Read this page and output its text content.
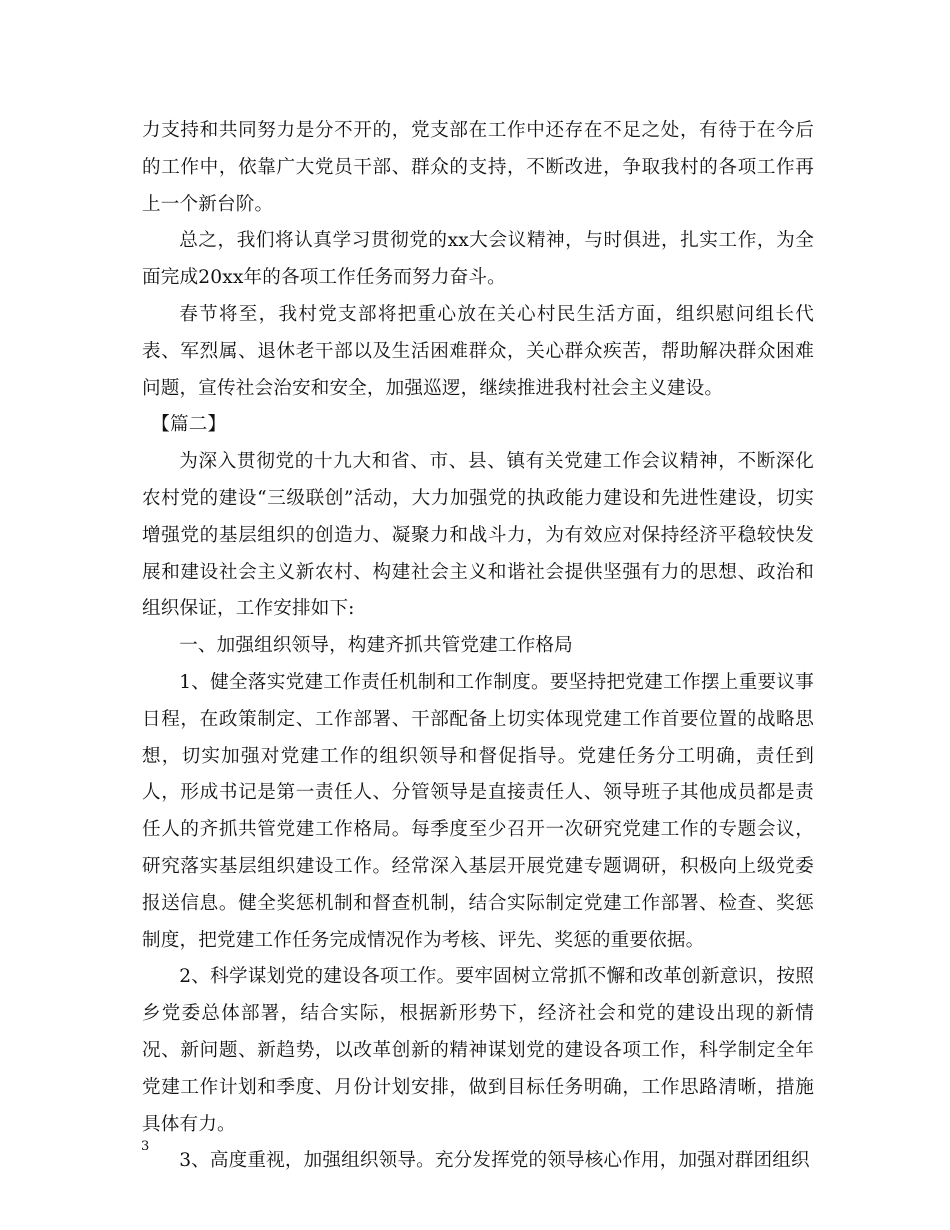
力支持和共同努力是分不开的，党支部在工作中还存在不足之处，有待于在今后的工作中，依靠广大党员干部、群众的支持，不断改进，争取我村的各项工作再上一个新台阶。

总之，我们将认真学习贯彻党的xx大会议精神，与时俱进，扎实工作，为全面完成20xx年的各项工作任务而努力奋斗。

春节将至，我村党支部将把重心放在关心村民生活方面，组织慰问组长代表、军烈属、退休老干部以及生活困难群众，关心群众疾苦，帮助解决群众困难问题，宣传社会治安和安全，加强巡逻，继续推进我村社会主义建设。

【篇二】

为深入贯彻党的十九大和省、市、县、镇有关党建工作会议精神，不断深化农村党的建设“三级联创”活动，大力加强党的执政能力建设和先进性建设，切实增强党的基层组织的创造力、凝聚力和战斗力，为有效应对保持经济平稳较快发展和建设社会主义新农村、构建社会主义和谐社会提供坚强有力的思想、政治和组织保证，工作安排如下:

一、加强组织领导，构建齐抓共管党建工作格局

1、健全落实党建工作责任机制和工作制度。要坚持把党建工作摆上重要议事日程，在政策制定、工作部署、干部配备上切实体现党建工作首要位置的战略思想，切实加强对党建工作的组织领导和督促指导。党建任务分工明确，责任到人，形成书记是第一责任人、分管领导是直接责任人、领导班子其他成员都是责任人的齐抓共管党建工作格局。每季度至少召开一次研究党建工作的专题会议，研究落实基层组织建设工作。经常深入基层开展党建专题调研，积极向上级党委报送信息。健全奖惩机制和督查机制，结合实际制定党建工作部署、检查、奖惩制度，把党建工作任务完成情况作为考核、评先、奖惩的重要依据。

2、科学谋划党的建设各项工作。要牢固树立常抓不懈和改革创新意识，按照乡党委总体部署，结合实际，根据新形势下，经济社会和党的建设出现的新情况、新问题、新趋势，以改革创新的精神谋划党的建设各项工作，科学制定全年党建工作计划和季度、月份计划安排，做到目标任务明确，工作思路清晰，措施具体有力。

3、高度重视，加强组织领导。充分发挥党的领导核心作用，加强对群团组织

3
